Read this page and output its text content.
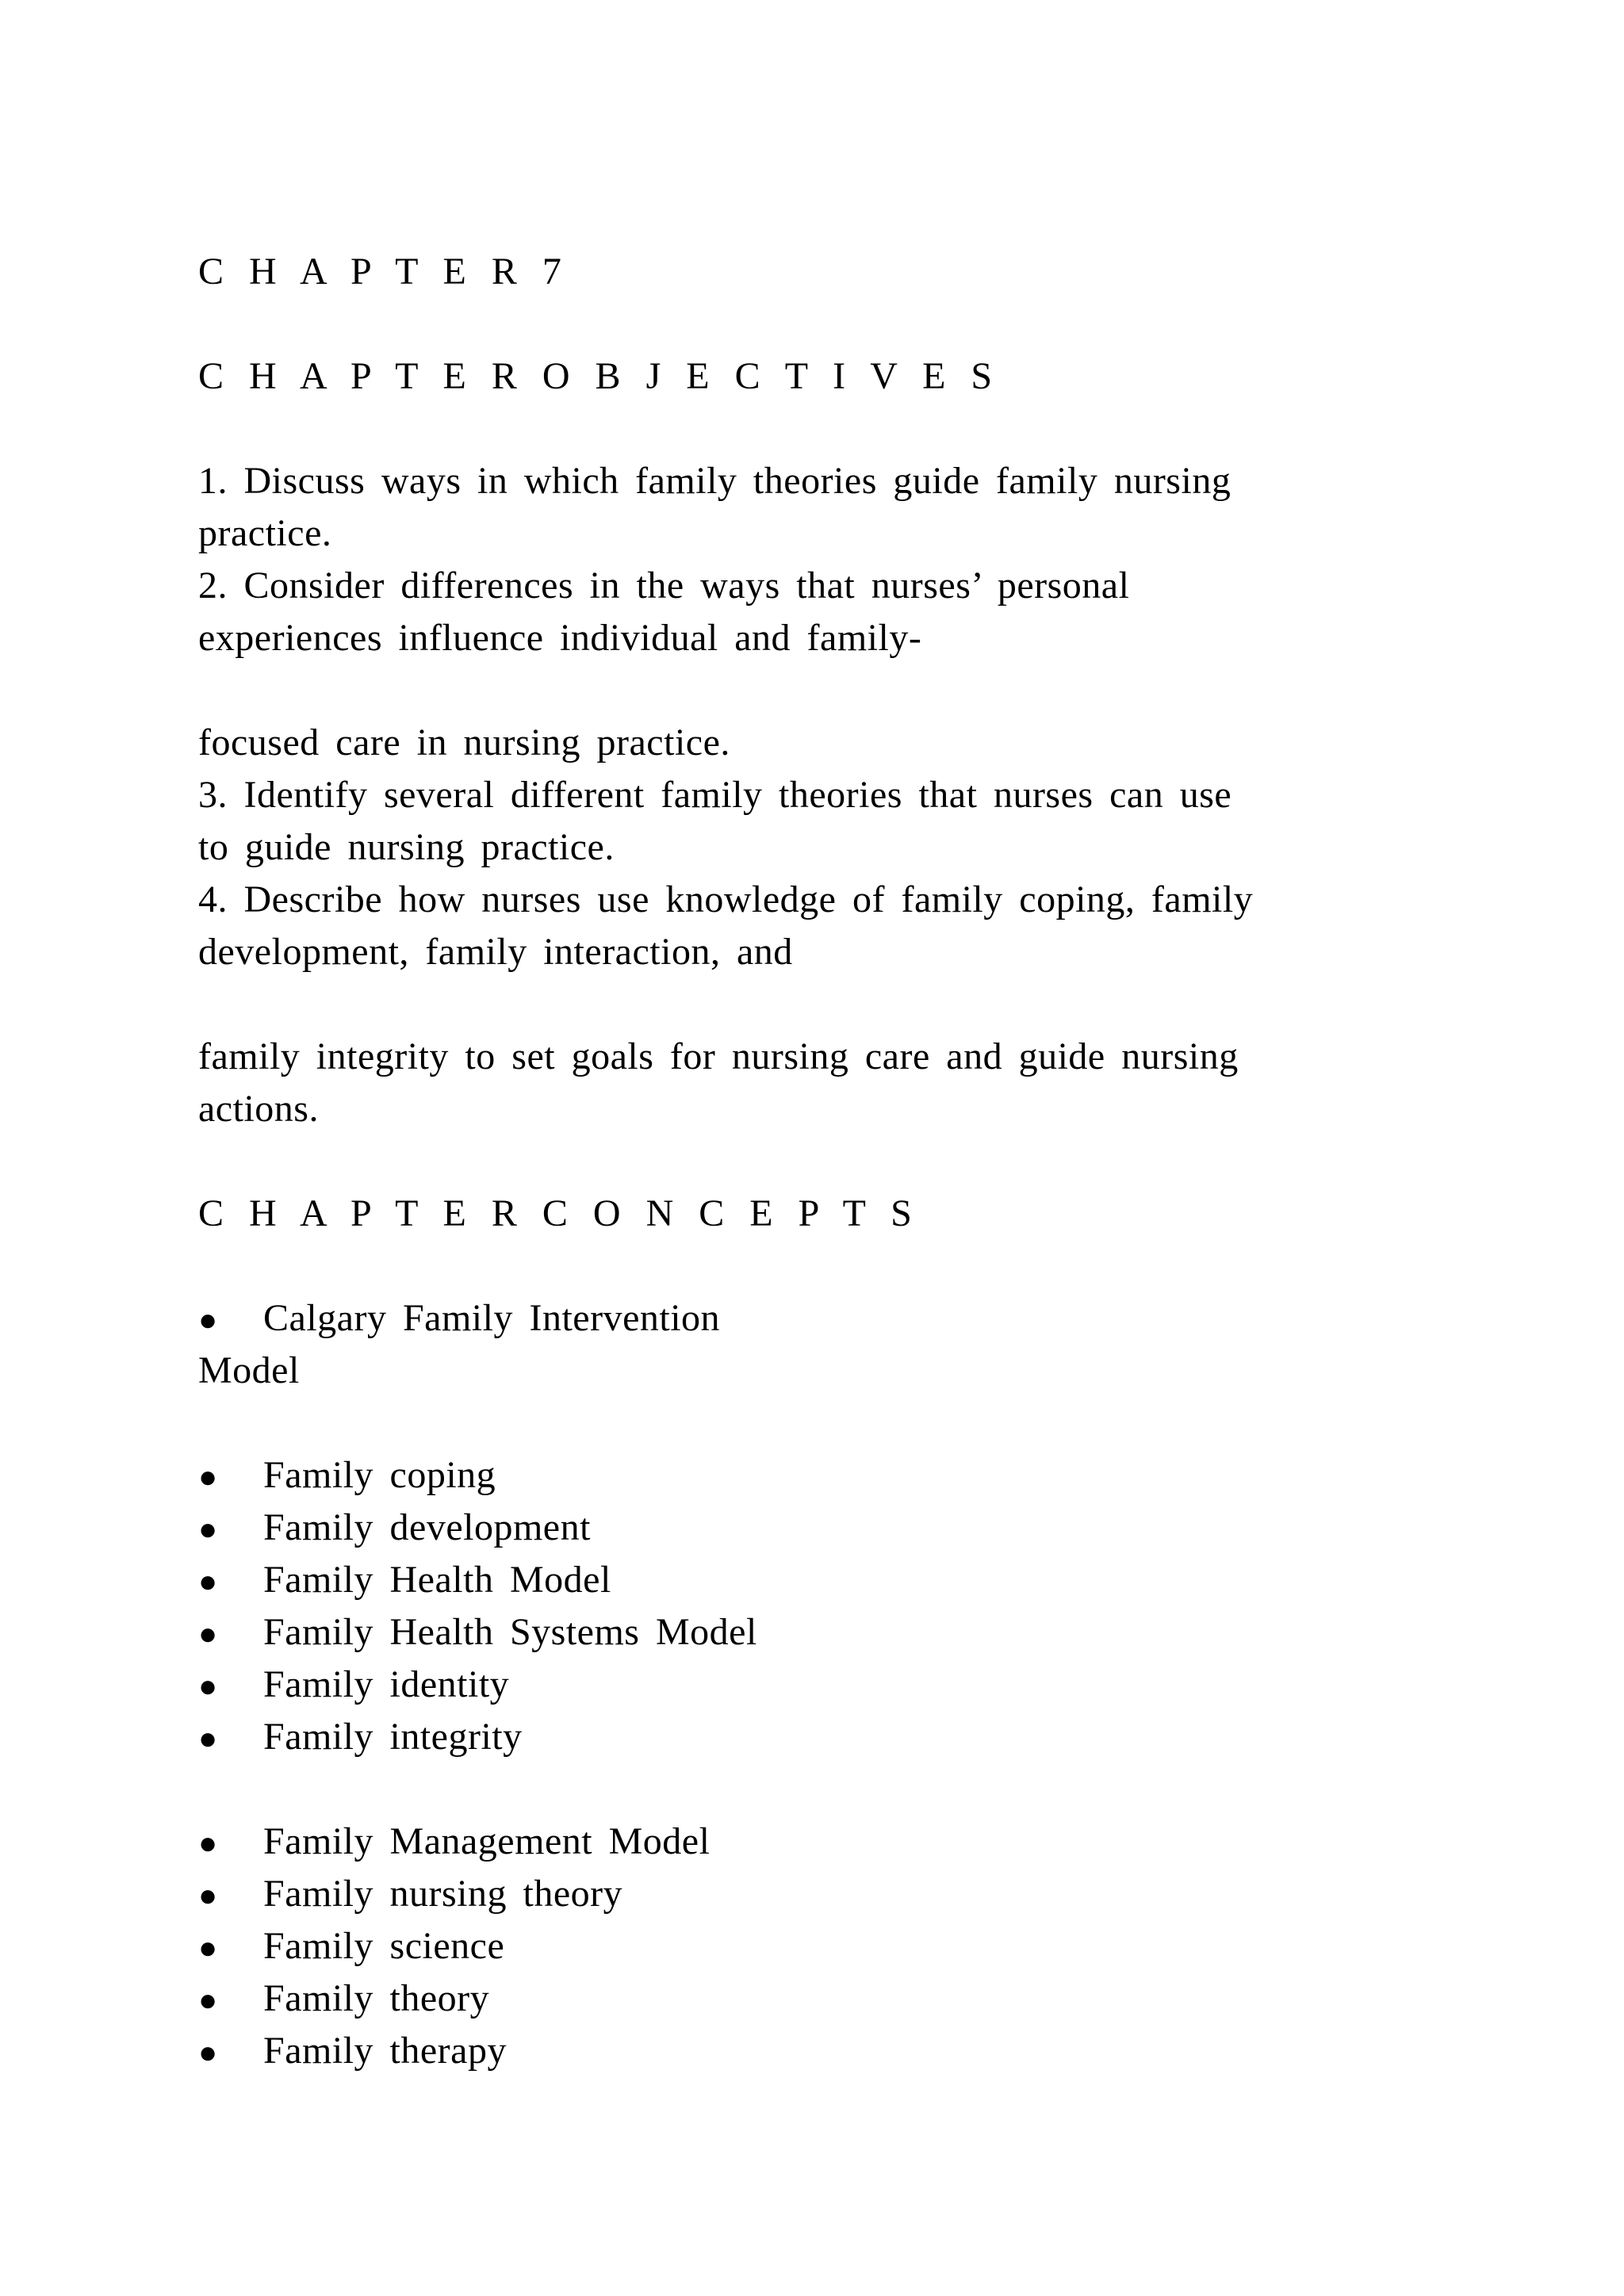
C H A P T E R 7
C H A P T E R O B J E C T I V E S
1. Discuss ways in which family theories guide family nursing
practice.
2. Consider differences in the ways that nurses’ personal
experiences influence individual and family-
focused care in nursing practice.
3. Identify several different family theories that nurses can use
to guide nursing practice.
4. Describe how nurses use knowledge of family coping, family
development, family interaction, and
family integrity to set goals for nursing care and guide nursing
actions.
C H A P T E R C O N C E P T S
● Calgary Family Intervention
Model
● Family coping
● Family development
● Family Health Model
● Family Health Systems Model
● Family identity
● Family integrity
● Family Management Model
● Family nursing theory
● Family science
● Family theory
● Family therapy
